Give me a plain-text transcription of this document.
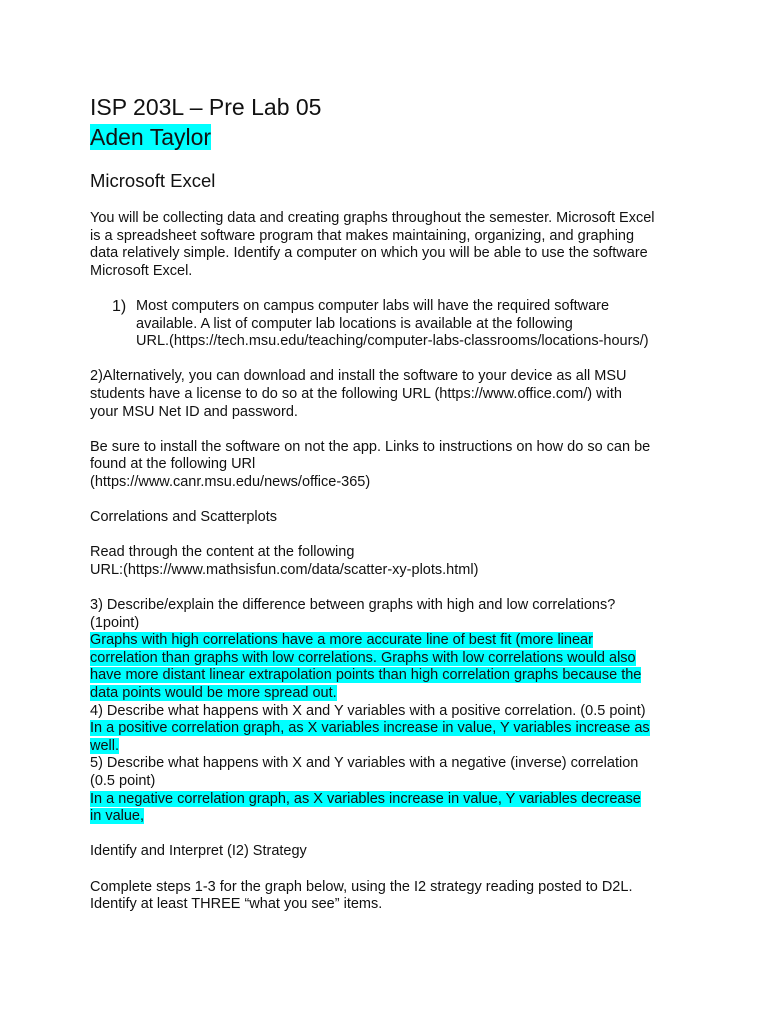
ISP 203L – Pre Lab 05
Aden Taylor
Microsoft Excel

You will be collecting data and creating graphs throughout the semester. Microsoft Excel
is a spreadsheet software program that makes maintaining, organizing, and graphing
data relatively simple. Identify a computer on which you will be able to use the software
Microsoft Excel.

1) Most computers on campus computer labs will have the required software
available. A list of computer lab locations is available at the following
URL.(https://tech.msu.edu/teaching/computer-labs-classrooms/locations-hours/)

2)Alternatively, you can download and install the software to your device as all MSU
students have a license to do so at the following URL (https://www.office.com/) with
your MSU Net ID and password.

Be sure to install the software on not the app. Links to instructions on how do so can be
found at the following URl
(https://www.canr.msu.edu/news/office-365)

Correlations and Scatterplots

Read through the content at the following
URL:(https://www.mathsisfun.com/data/scatter-xy-plots.html)

3) Describe/explain the difference between graphs with high and low correlations?
(1point)

Graphs with high correlations have a more accurate line of best fit (more linear
correlation than graphs with low correlations. Graphs with low correlations would also
have more distant linear extrapolation points than high correlation graphs because the
data points would be more spread out.

4) Describe what happens with X and Y variables with a positive correlation. (0.5 point)

In a positive correlation graph, as X variables increase in value, Y variables increase as
well.

5) Describe what happens with X and Y variables with a negative (inverse) correlation
(0.5 point)

In a negative correlation graph, as X variables increase in value, Y variables decrease
in value,

Identify and Interpret (I2) Strategy

Complete steps 1-3 for the graph below, using the I2 strategy reading posted to D2L.
Identify at least THREE “what you see” items.
